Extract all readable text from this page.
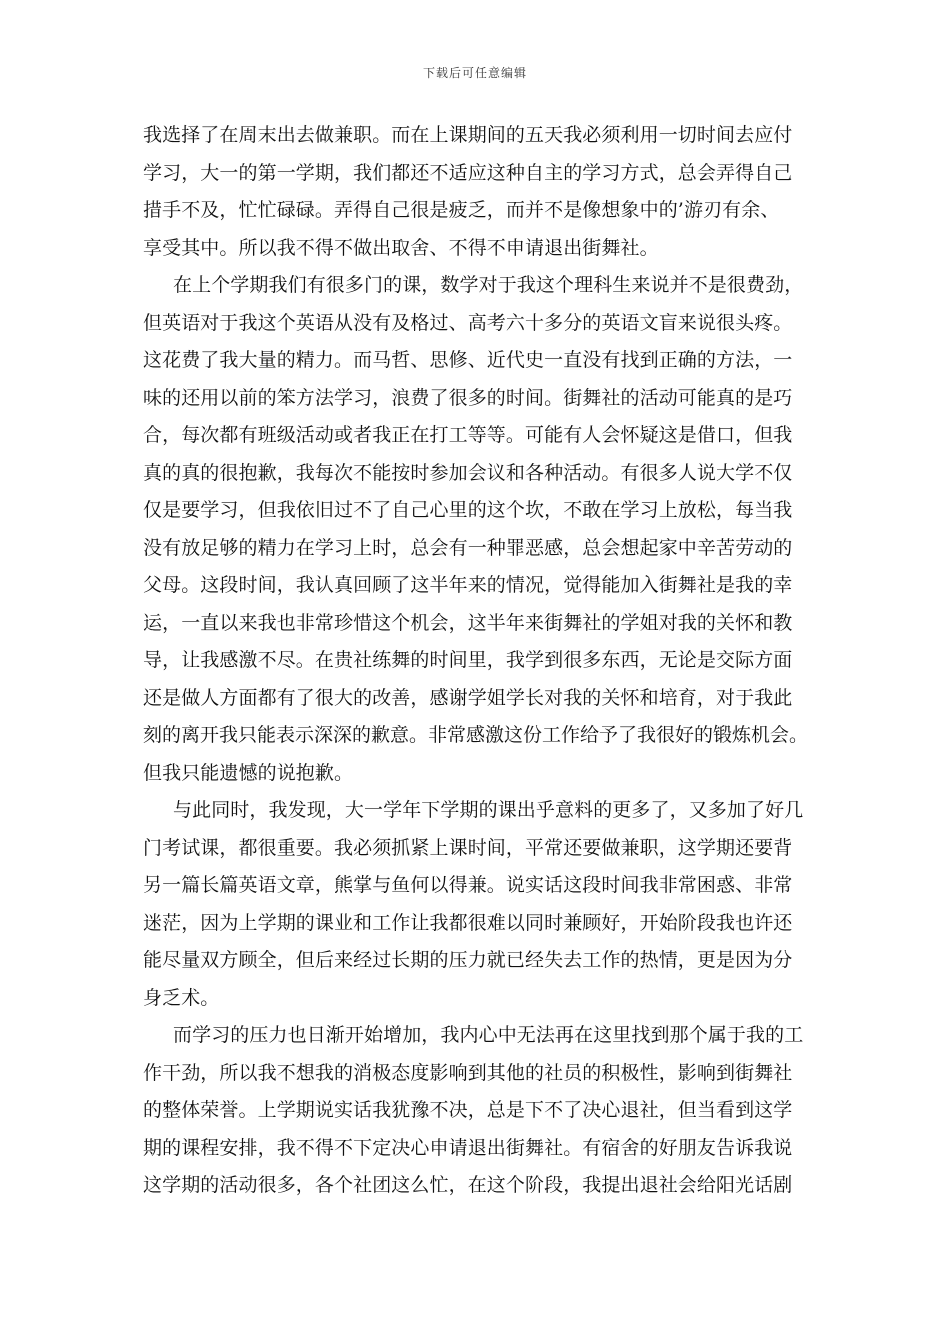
下载后可任意编辑
我选择了在周末出去做兼职。而在上课期间的五天我必须利用一切时间去应付
学习，大一的第一学期，我们都还不适应这种自主的学习方式，总会弄得自己
措手不及，忙忙碌碌。弄得自己很是疲乏，而并不是像想象中的’游刃有余、
享受其中。所以我不得不做出取舍、不得不申请退出街舞社。
在上个学期我们有很多门的课，数学对于我这个理科生来说并不是很费劲，
但英语对于我这个英语从没有及格过、高考六十多分的英语文盲来说很头疼。
这花费了我大量的精力。而马哲、思修、近代史一直没有找到正确的方法，一
味的还用以前的笨方法学习，浪费了很多的时间。街舞社的活动可能真的是巧
合，每次都有班级活动或者我正在打工等等。可能有人会怀疑这是借口，但我
真的真的很抱歉，我每次不能按时参加会议和各种活动。有很多人说大学不仅
仅是要学习，但我依旧过不了自己心里的这个坎，不敢在学习上放松，每当我
没有放足够的精力在学习上时，总会有一种罪恶感，总会想起家中辛苦劳动的
父母。这段时间，我认真回顾了这半年来的情况，觉得能加入街舞社是我的幸
运，一直以来我也非常珍惜这个机会，这半年来街舞社的学姐对我的关怀和教
导，让我感激不尽。在贵社练舞的时间里，我学到很多东西，无论是交际方面
还是做人方面都有了很大的改善，感谢学姐学长对我的关怀和培育，对于我此
刻的离开我只能表示深深的歉意。非常感激这份工作给予了我很好的锻炼机会。
但我只能遗憾的说抱歉。
与此同时，我发现，大一学年下学期的课出乎意料的更多了，又多加了好几
门考试课，都很重要。我必须抓紧上课时间，平常还要做兼职，这学期还要背
另一篇长篇英语文章，熊掌与鱼何以得兼。说实话这段时间我非常困惑、非常
迷茫，因为上学期的课业和工作让我都很难以同时兼顾好，开始阶段我也许还
能尽量双方顾全，但后来经过长期的压力就已经失去工作的热情，更是因为分
身乏术。
而学习的压力也日渐开始增加，我内心中无法再在这里找到那个属于我的工
作干劲，所以我不想我的消极态度影响到其他的社员的积极性，影响到街舞社
的整体荣誉。上学期说实话我犹豫不决，总是下不了决心退社，但当看到这学
期的课程安排，我不得不下定决心申请退出街舞社。有宿舍的好朋友告诉我说
这学期的活动很多，各个社团这么忙，在这个阶段，我提出退社会给阳光话剧
